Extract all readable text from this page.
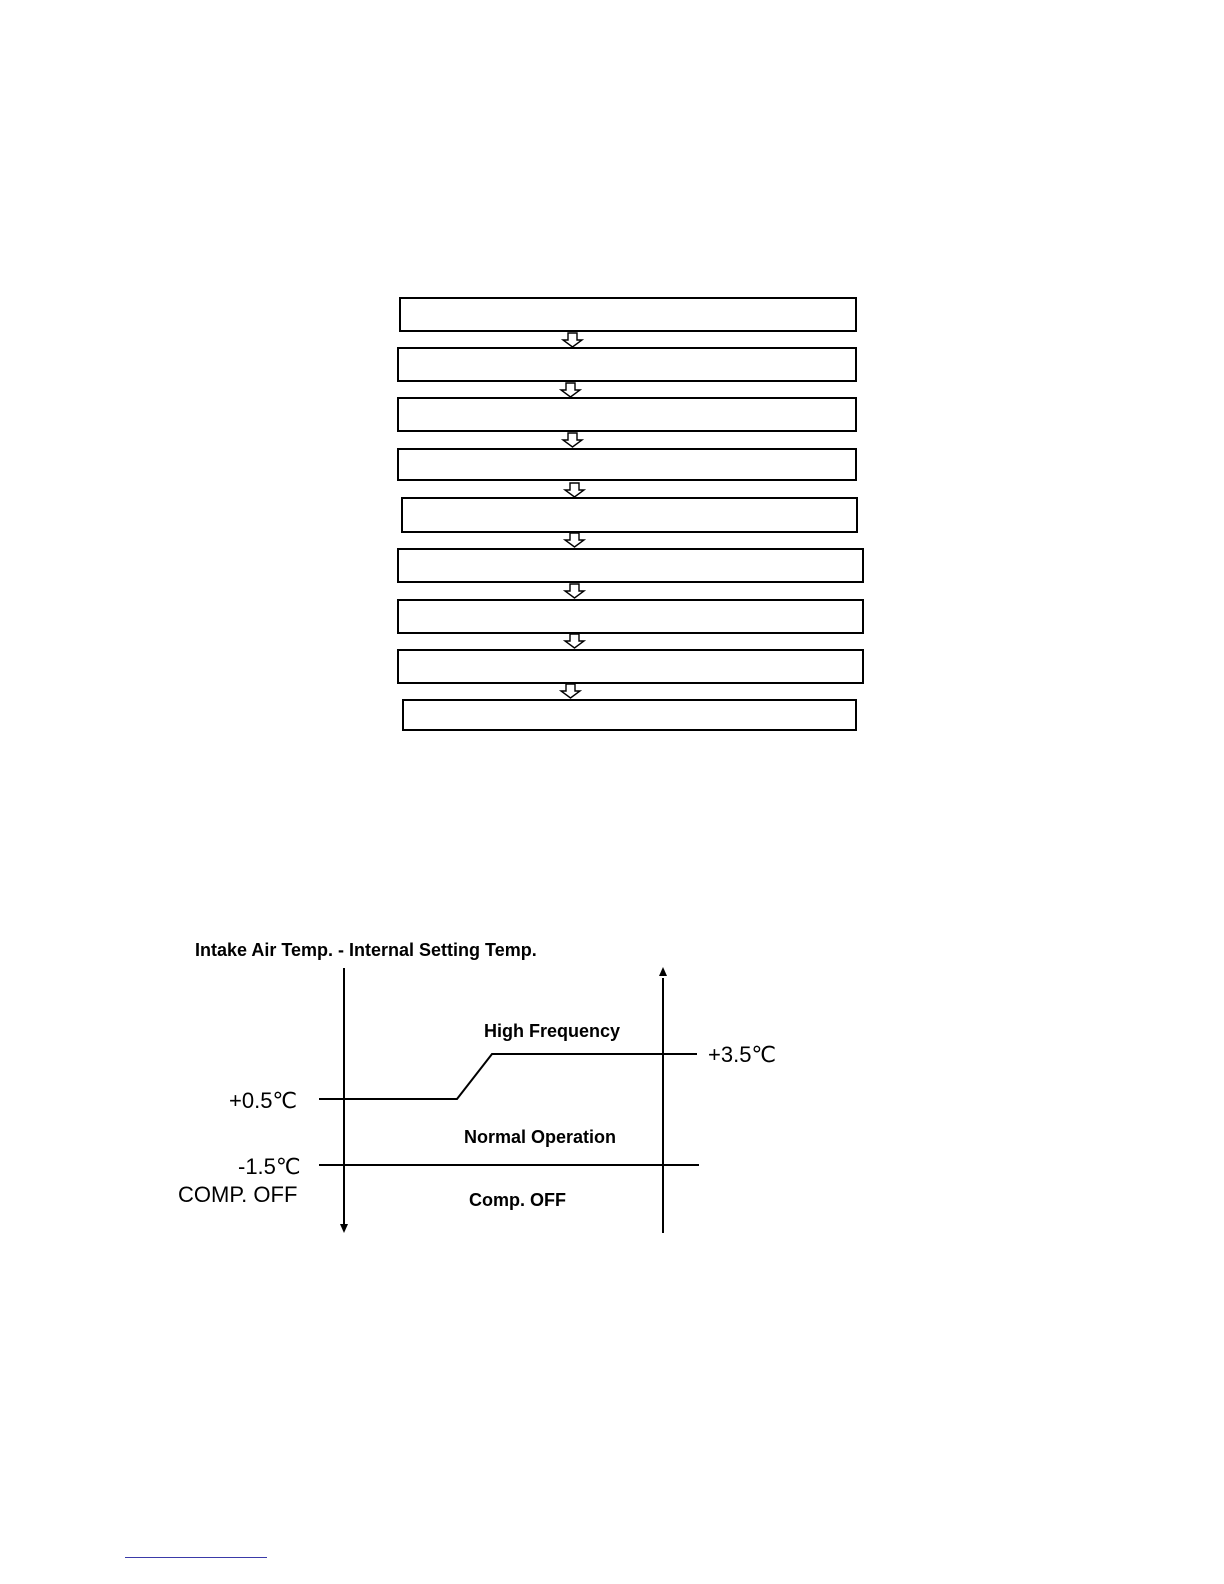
Intake Air Temp. - Internal Setting Temp.
High Frequency
Normal Operation
Comp. OFF
+3.5℃
+0.5℃
-1.5℃
COMP. OFF
